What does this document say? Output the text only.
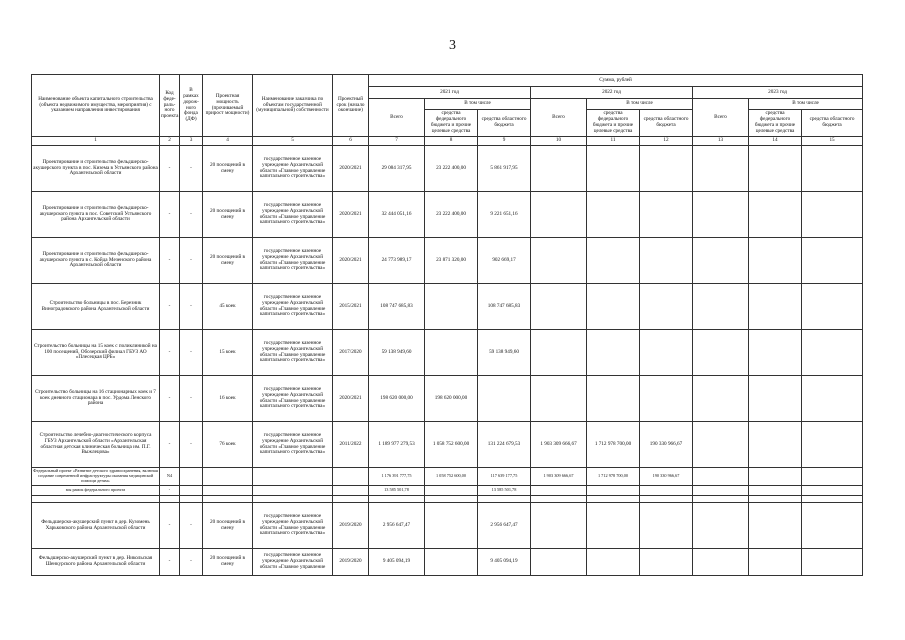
3
Наименование объекта капитального строительства (объекта недвижимого имущества, мероприятия) с указанием направления инвестирования	Код феде-раль-ного проекта	В рамках дорож-ного фонда (ДФ)	Проектная мощность (прочиваемый прирост мощности)	Наименование заказчика по объектам государственной (муниципальной) собственности	Проектный срок (начало окончание)	Сумма, рублей								
						2021 год			2022 год			2023 год		
						Всего	В том числе		Всего	В том числе		Всего	В том числе	
							средства федерального бюджета и прочие целевые средства	средства областного бюджета		средства федерального бюджета и прочие целевые средства	средства областного бюджета		средства федерального бюджета и прочие целевые средства	средства областного бюджета
1	2	3	4	5	6	7	8	9	10	11	12	13	14	15
Проектирование и строительство фельдшерско-акушерского пункта в пос. Кизема в Устьянского района Архангельской области	-	-	20 посещений в смену	государственное казенное учреждение Архангельской области «Главное управление капитального строительства»	2020/2021	29 084 317,95	23 222 400,00	5 861 917,95						
Проектирование и строительство фельдшерско-акушерского пункта в пос. Советский Устьянского района Архангельской области	-	-	20 посещений в смену	государственное казенное учреждение Архангельской области «Главное управление капитального строительства»	2020/2021	32 444 051,16	23 222 400,00	9 221 651,16						
Проектирование и строительство фельдшерско-акушерского пункта в с. Койда Мезенского района Архангельской области	-	-	20 посещений в смену	государственное казенное учреждение Архангельской области «Главное управление капитального строительства»	2020/2021	24 773 989,17	23 871 320,00	902 669,17						
Строительство больницы в пос. Березник Виноградовского района Архангельской области	-	-	45 коек	государственное казенное учреждение Архангельской области «Главное управление капитального строительства»	2015/2021	108 747 685,83		108 747 685,83						
Строительство больницы на 15 коек с поликлиникой на 100 посещений, Обозерский филиал ГБУЗ АО «Плесецкая ЦРБ»	-	-	15 коек	государственное казенное учреждение Архангельской области «Главное управление капитального строительства»	2017/2020	59 138 949,60		59 138 949,60						
Строительство больницы на 16 стационарных коек и 7 коек дневного стационара в пос. Урдома Ленского района	-	-	16 коек	государственное казенное учреждение Архангельской области «Главное управление капитального строительства»	2020/2021	198 620 000,00	198 620 000,00							
Строительство лечебно-диагностического корпуса ГБУЗ Архангельской области «Архангельская областная детская клиническая больница им. П.Г. Выжлецова»	-	-	76 коек	государственное казенное учреждение Архангельской области «Главное управление капитального строительства»	2011/2022	1 189 977 279,53	1 058 752 600,00	131 224 679,53	1 903 309 666,67	1 712 978 700,00	190 330 966,67			
Федеральный проект «Развитие детского здравоохранения, включая создание современной инфраструктуры оказания медицинской помощи детям»	N4					1 176 391 777,75	1 058 752 600,00	117 639 177,75	1 903 309 666,67	1 712 978 700,00	190 330 966,67			
мы рамок федерального проекта	-					13 585 501,78		13 585 501,78						

Фельдшерско-акушерский пункт в дер. Кузомень Харьковского района Архангельской области	-	-	20 посещений в смену	государственное казенное учреждение Архангельской области «Главное управление капитального строительства»	2019/2020	2 956 647,47		2 956 647,47						
Фельдшерско-акушерский пункт в дер. Никольская Шенкурского района Архангельской области	-	-	20 посещений в смену	государственное казенное учреждение Архангельской области «Главное управление	2019/2020	9 405 094,19		9 405 094,19						
